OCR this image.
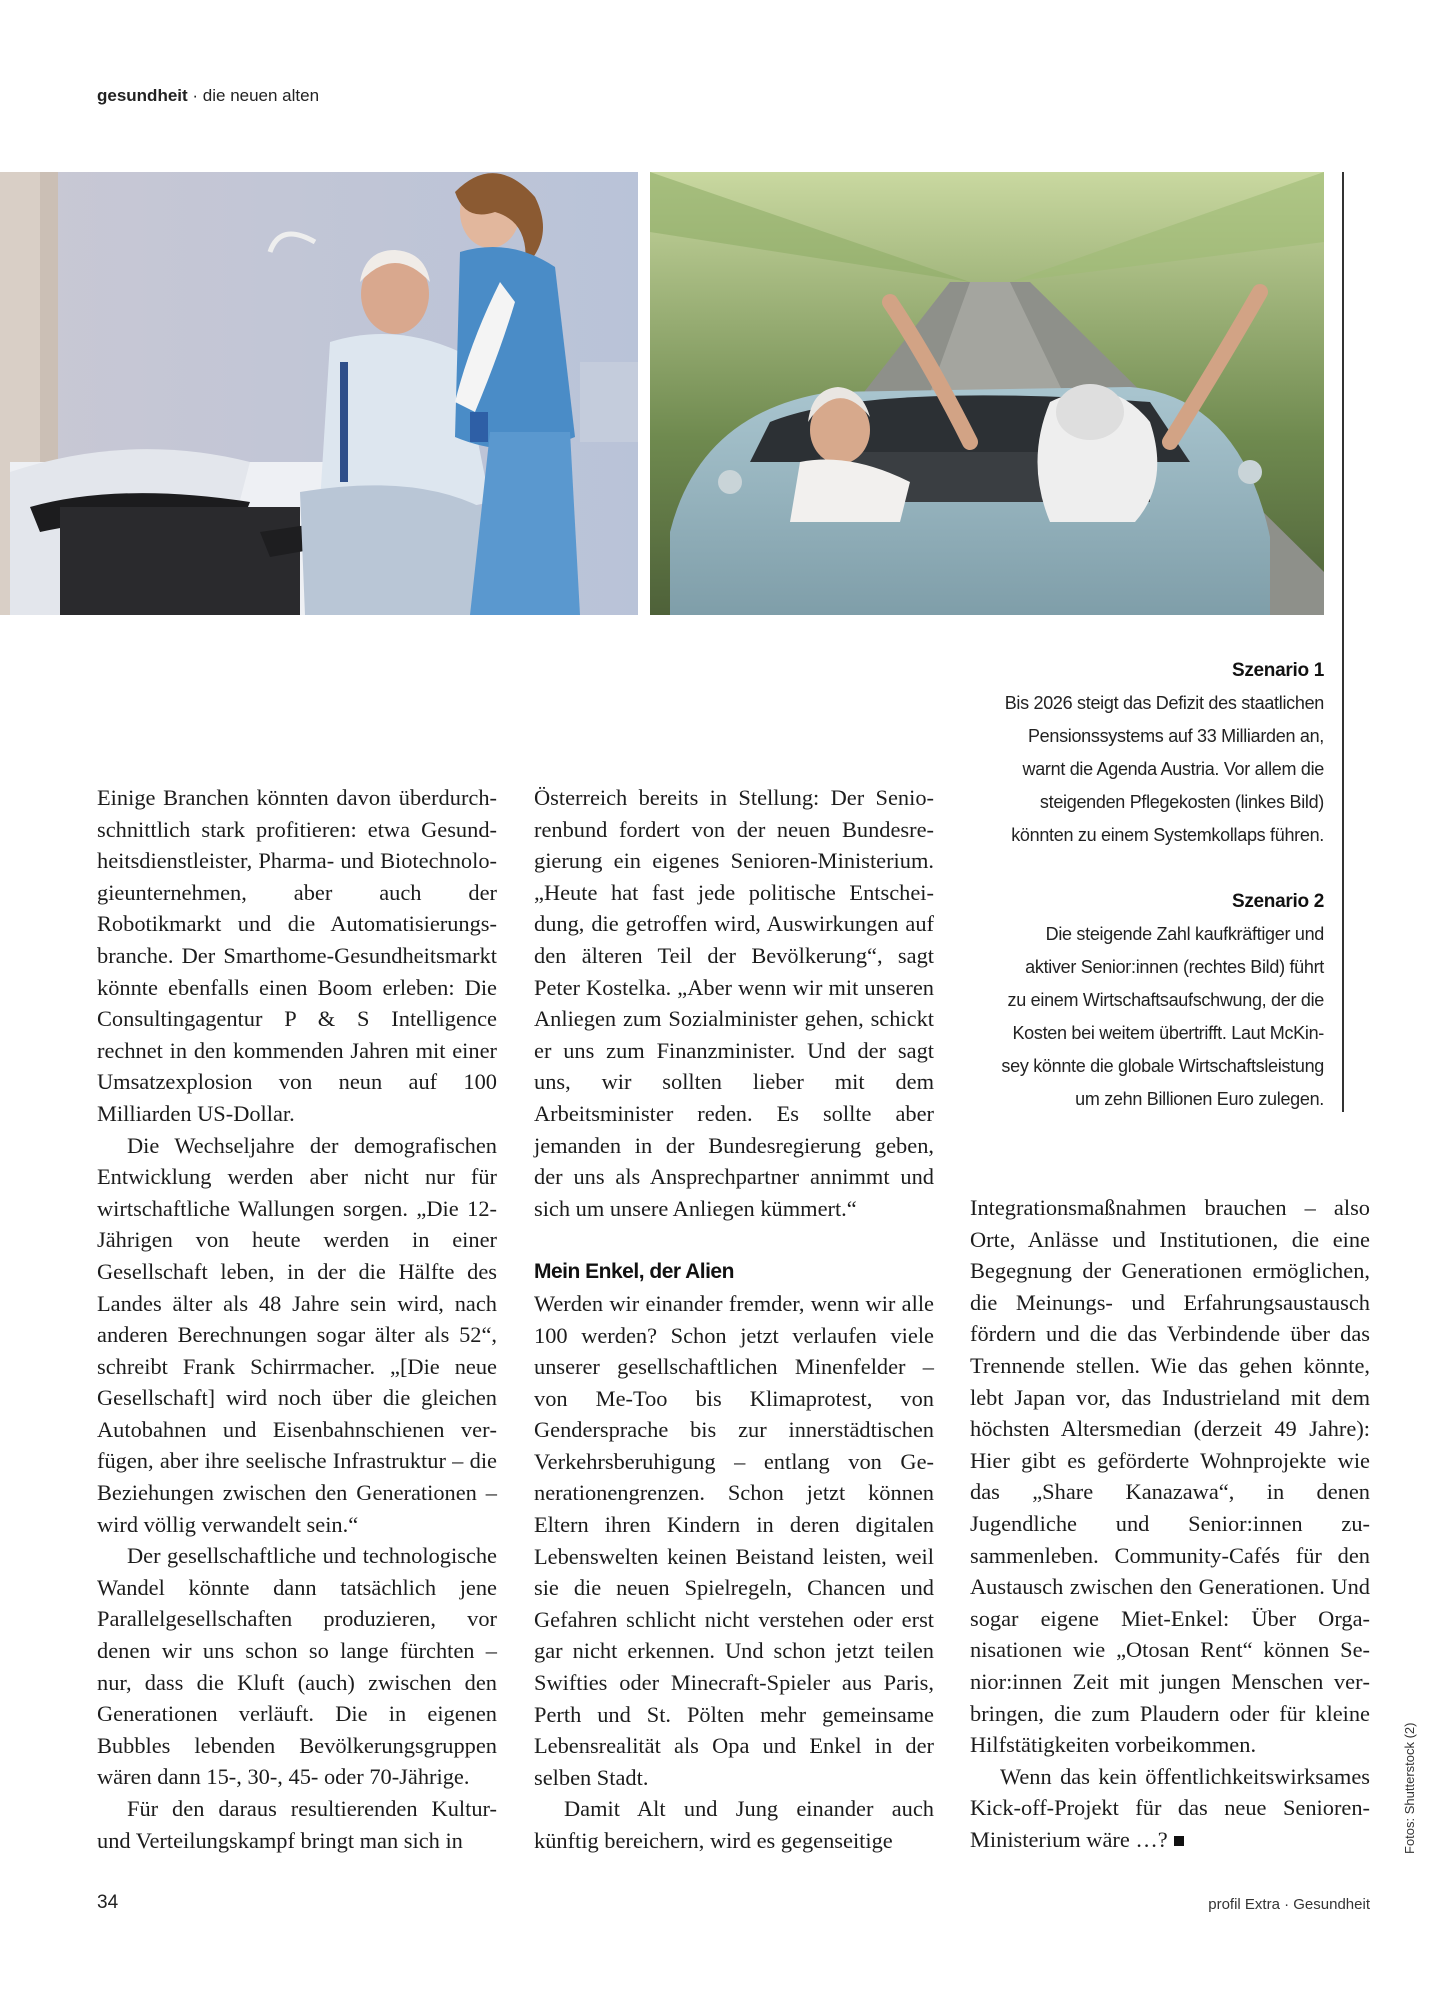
gesundheit · die neuen alten
Szenario 1

Bis 2026 steigt das Defizit des staatlichen

Pensionssystems auf 33 Milliarden an,

warnt die Agenda Austria. Vor allem die

steigenden Pflegekosten (linkes Bild)

könnten zu einem Systemkollaps führen.

Szenario 2

Die steigende Zahl kaufkräftiger und

aktiver Senior:innen (rechtes Bild) führt

zu einem Wirtschaftsaufschwung, der die

Kosten bei weitem übertrifft. Laut McKin-

sey könnte die globale Wirtschaftsleistung

um zehn Billionen Euro zulegen.

Einige Branchen könnten davon überdurchschnittlich stark profitieren: etwa Gesundheitsdienstleister, Pharma- und Biotechnologieunternehmen, aber auch der Robotikmarkt und die Automatisierungsbranche. Der Smarthome-Gesundheitsmarkt könnte ebenfalls einen Boom erleben: Die Consultingagentur P & S Intelligence rechnet in den kommenden Jahren mit einer Umsatzexplosion von neun auf 100 Milliarden US-Dollar.

Die Wechseljahre der demografischen Entwicklung werden aber nicht nur für wirtschaftliche Wallungen sorgen. „Die 12-Jährigen von heute werden in einer Gesellschaft leben, in der die Hälfte des Landes älter als 48 Jahre sein wird, nach anderen Berechnungen sogar älter als 52“, schreibt Frank Schirrmacher. „[Die neue Gesellschaft] wird noch über die gleichen Autobahnen und Eisenbahnschienen verfügen, aber ihre seelische Infrastruktur – die Beziehungen zwischen den Generationen – wird völlig verwandelt sein.“

Der gesellschaftliche und technologische Wandel könnte dann tatsächlich jene Parallelgesellschaften produzieren, vor denen wir uns schon so lange fürchten – nur, dass die Kluft (auch) zwischen den Generationen verläuft. Die in eigenen Bubbles lebenden Bevölkerungsgruppen wären dann 15-, 30-, 45- oder 70-Jährige.

Für den daraus resultierenden Kultur- und Verteilungskampf bringt man sich in

Österreich bereits in Stellung: Der Seniorenbund fordert von der neuen Bundesregierung ein eigenes Senioren-Ministerium. „Heute hat fast jede politische Entscheidung, die getroffen wird, Auswirkungen auf den älteren Teil der Bevölkerung“, sagt Peter Kostelka. „Aber wenn wir mit unseren Anliegen zum Sozialminister gehen, schickt er uns zum Finanzminister. Und der sagt uns, wir sollten lieber mit dem Arbeitsminister reden. Es sollte aber jemanden in der Bundesregierung geben, der uns als Ansprechpartner annimmt und sich um unsere Anliegen kümmert.“

Mein Enkel, der Alien

Werden wir einander fremder, wenn wir alle 100 werden? Schon jetzt verlaufen viele unserer gesellschaftlichen Minenfelder – von Me-Too bis Klimaprotest, von Gendersprache bis zur innerstädtischen Verkehrsberuhigung – entlang von Generationengrenzen. Schon jetzt können Eltern ihren Kindern in deren digitalen Lebenswelten keinen Beistand leisten, weil sie die neuen Spielregeln, Chancen und Gefahren schlicht nicht verstehen oder erst gar nicht erkennen. Und schon jetzt teilen Swifties oder Minecraft-Spieler aus Paris, Perth und St. Pölten mehr gemeinsame Lebensrealität als Opa und Enkel in der selben Stadt.

Damit Alt und Jung einander auch künftig bereichern, wird es gegenseitige

Integrationsmaßnahmen brauchen – also Orte, Anlässe und Institutionen, die eine Begegnung der Generationen ermöglichen, die Meinungs- und Erfahrungsaustausch fördern und die das Verbindende über das Trennende stellen. Wie das gehen könnte, lebt Japan vor, das Industrieland mit dem höchsten Altersmedian (derzeit 49 Jahre): Hier gibt es geförderte Wohnprojekte wie das „Share Kanazawa“, in denen Jugendliche und Senior:innen zusammenleben. Community-Cafés für den Austausch zwischen den Generationen. Und sogar eigene Miet-Enkel: Über Organisationen wie „Otosan Rent“ können Senior:innen Zeit mit jungen Menschen verbringen, die zum Plaudern oder für kleine Hilfstätigkeiten vorbeikommen.

Wenn das kein öffentlichkeitswirksames Kick-off-Projekt für das neue Senioren-Ministerium wäre …?	Fotos: Shutterstock (2)
34	profil Extra · Gesundheit
